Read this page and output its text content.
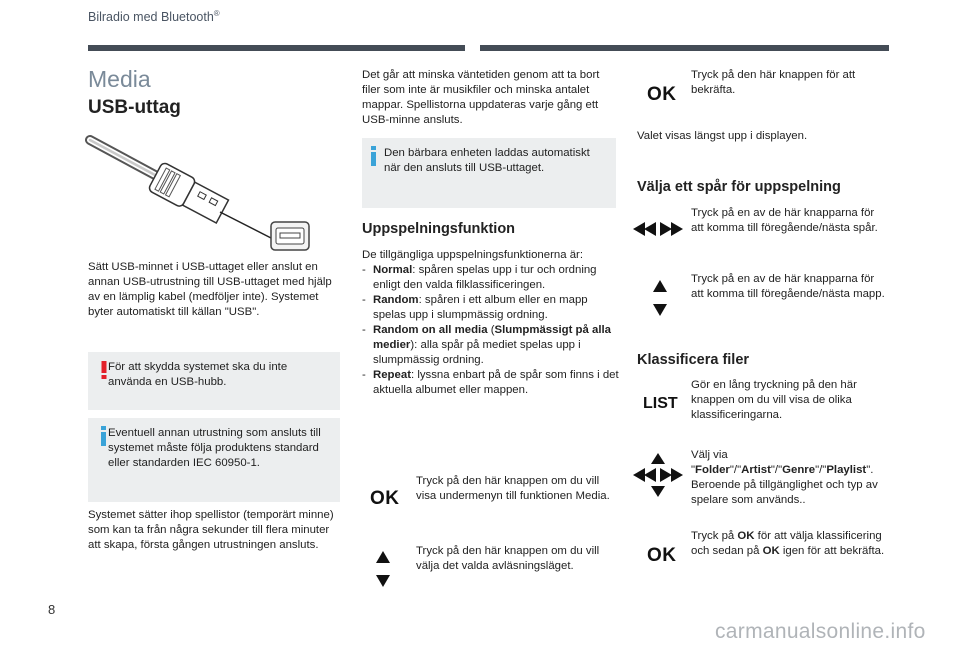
Bilradio med Bluetooth®
Media
USB-uttag

Sätt USB-minnet i USB-uttaget eller anslut en annan USB-utrustning till USB-uttaget med hjälp av en lämplig kabel (medföljer inte). Systemet byter automatiskt till källan "USB".

För att skydda systemet ska du inte använda en USB-hubb.

Eventuell annan utrustning som ansluts till systemet måste följa produktens standard eller standarden IEC 60950-1.

Systemet sätter ihop spellistor (temporärt minne) som kan ta från några sekunder till flera minuter att skapa, första gången utrustningen ansluts.

Det går att minska väntetiden genom att ta bort filer som inte är musikfiler och minska antalet mappar. Spellistorna uppdateras varje gång ett USB-minne ansluts.

Den bärbara enheten laddas automatiskt när den ansluts till USB-uttaget.

Uppspelningsfunktion

De tillgängliga uppspelningsfunktionerna är:

- Normal: spåren spelas upp i tur och ordning enligt den valda filklassificeringen.
- Random: spåren i ett album eller en mapp spelas upp i slumpmässig ordning.
- Random on all media (Slumpmässigt på alla medier): alla spår på mediet spelas upp i slumpmässig ordning.
- Repeat: lyssna enbart på de spår som finns i det aktuella albumet eller mappen.
OK

Tryck på den här knappen om du vill visa undermenyn till funktionen Media.

Tryck på den här knappen om du vill välja det valda avläsningsläget.

OK

Tryck på den här knappen för att bekräfta.

Valet visas längst upp i displayen.

Välja ett spår för uppspelning

Tryck på en av de här knapparna för att komma till föregående/nästa spår.

Tryck på en av de här knapparna för att komma till föregående/nästa mapp.

Klassificera filer
LIST

Gör en lång tryckning på den här knappen om du vill visa de olika klassificeringarna.

Välj via "Folder"/"Artist"/"Genre"/"Playlist".
Beroende på tillgänglighet och typ av spelare som används..

OK

Tryck på OK för att välja klassificering och sedan på OK igen för att bekräfta.

8
carmanualsonline.info
